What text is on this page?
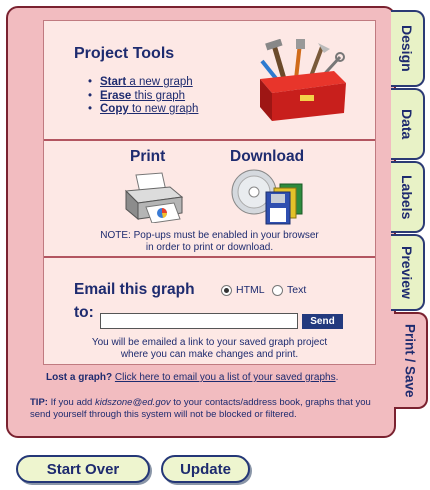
Project Tools
• Start a new graph
• Erase this graph
• Copy to new graph
Print	Download
NOTE: Pop-ups must be enabled in your browser
in order to print or download.
Email this graph	HTML Text
to:
Send
You will be emailed a link to your saved graph project
where you can make changes and print.
Lost a graph? Click here to email you a list of your saved graphs.
TIP: If you add kidszone@ed.gov to your contacts/address book, graphs that you send yourself through this system will not be blocked or filtered.
Design
Data
Labels
Preview
Print / Save
Start Over	Update
